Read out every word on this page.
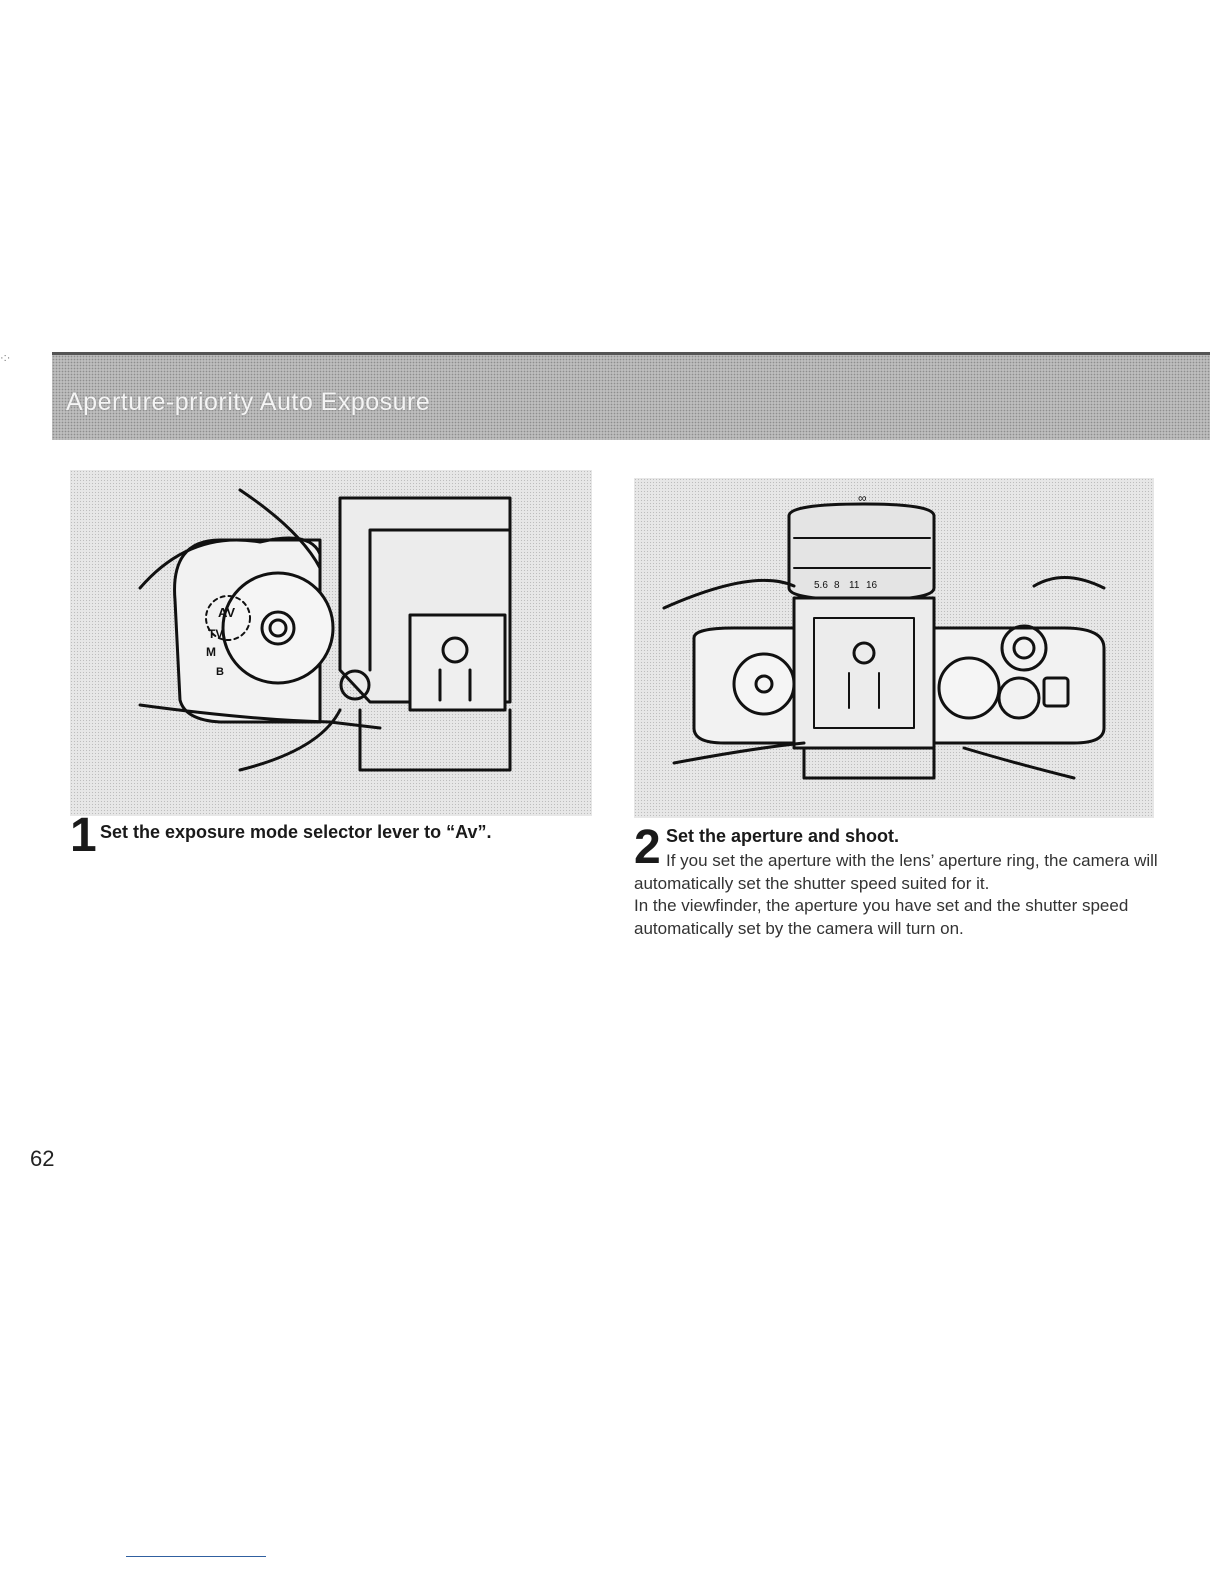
·:·
Aperture-priority Auto Exposure
AV
TV
M
B
∞
5.6 8 11 16
1 Set the exposure mode selector lever to “Av”.	2 Set the aperture and shoot.

If you set the aperture with the lens’ aperture ring, the camera will automatically set the shutter speed suited for it.

In the viewfinder, the aperture you have set and the shutter speed automatically set by the camera will turn on.

62
